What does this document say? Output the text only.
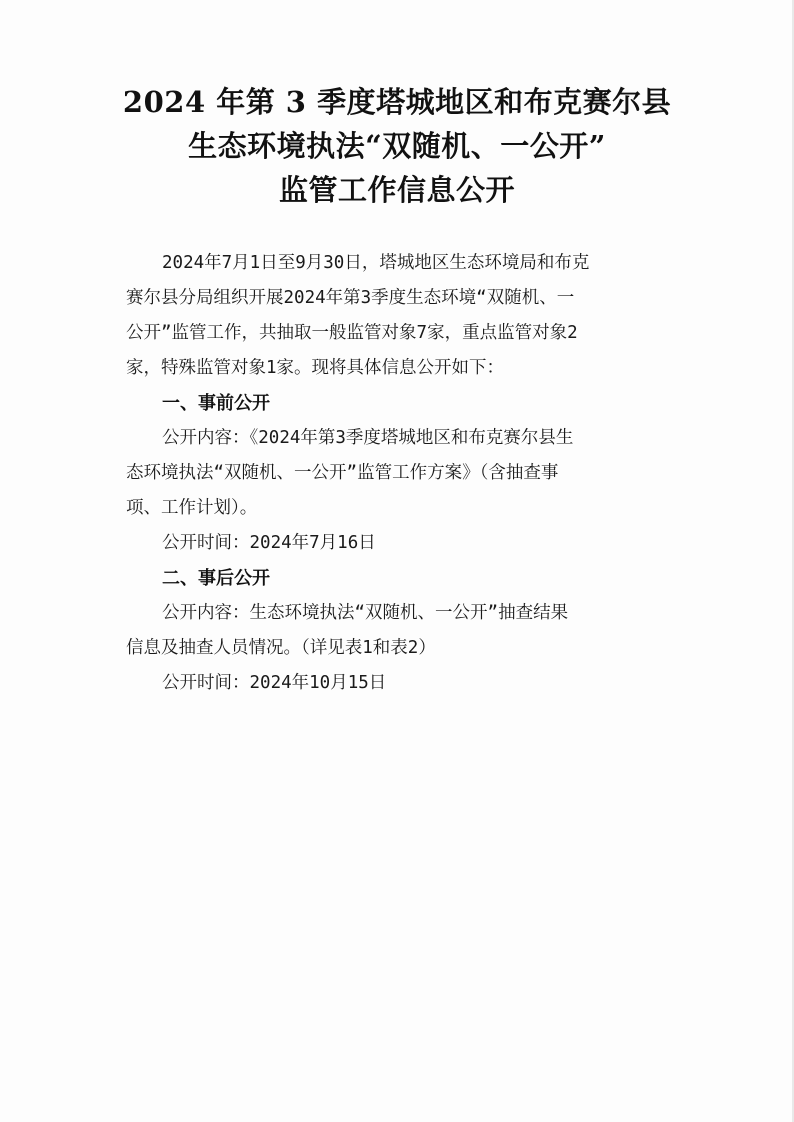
2024 年第 3 季度塔城地区和布克赛尔县
生态环境执法“双随机、一公开”
监管工作信息公开

2024年7月1日至9月30日，塔城地区生态环境局和布克
赛尔县分局组织开展2024年第3季度生态环境“双随机、一
公开”监管工作，共抽取一般监管对象7家，重点监管对象2
家，特殊监管对象1家。现将具体信息公开如下：

一、事前公开

公开内容：《2024年第3季度塔城地区和布克赛尔县生
态环境执法“双随机、一公开”监管工作方案》（含抽查事
项、工作计划）。

公开时间：2024年7月16日

二、事后公开

公开内容：生态环境执法“双随机、一公开”抽查结果
信息及抽查人员情况。（详见表1和表2）

公开时间：2024年10月15日
